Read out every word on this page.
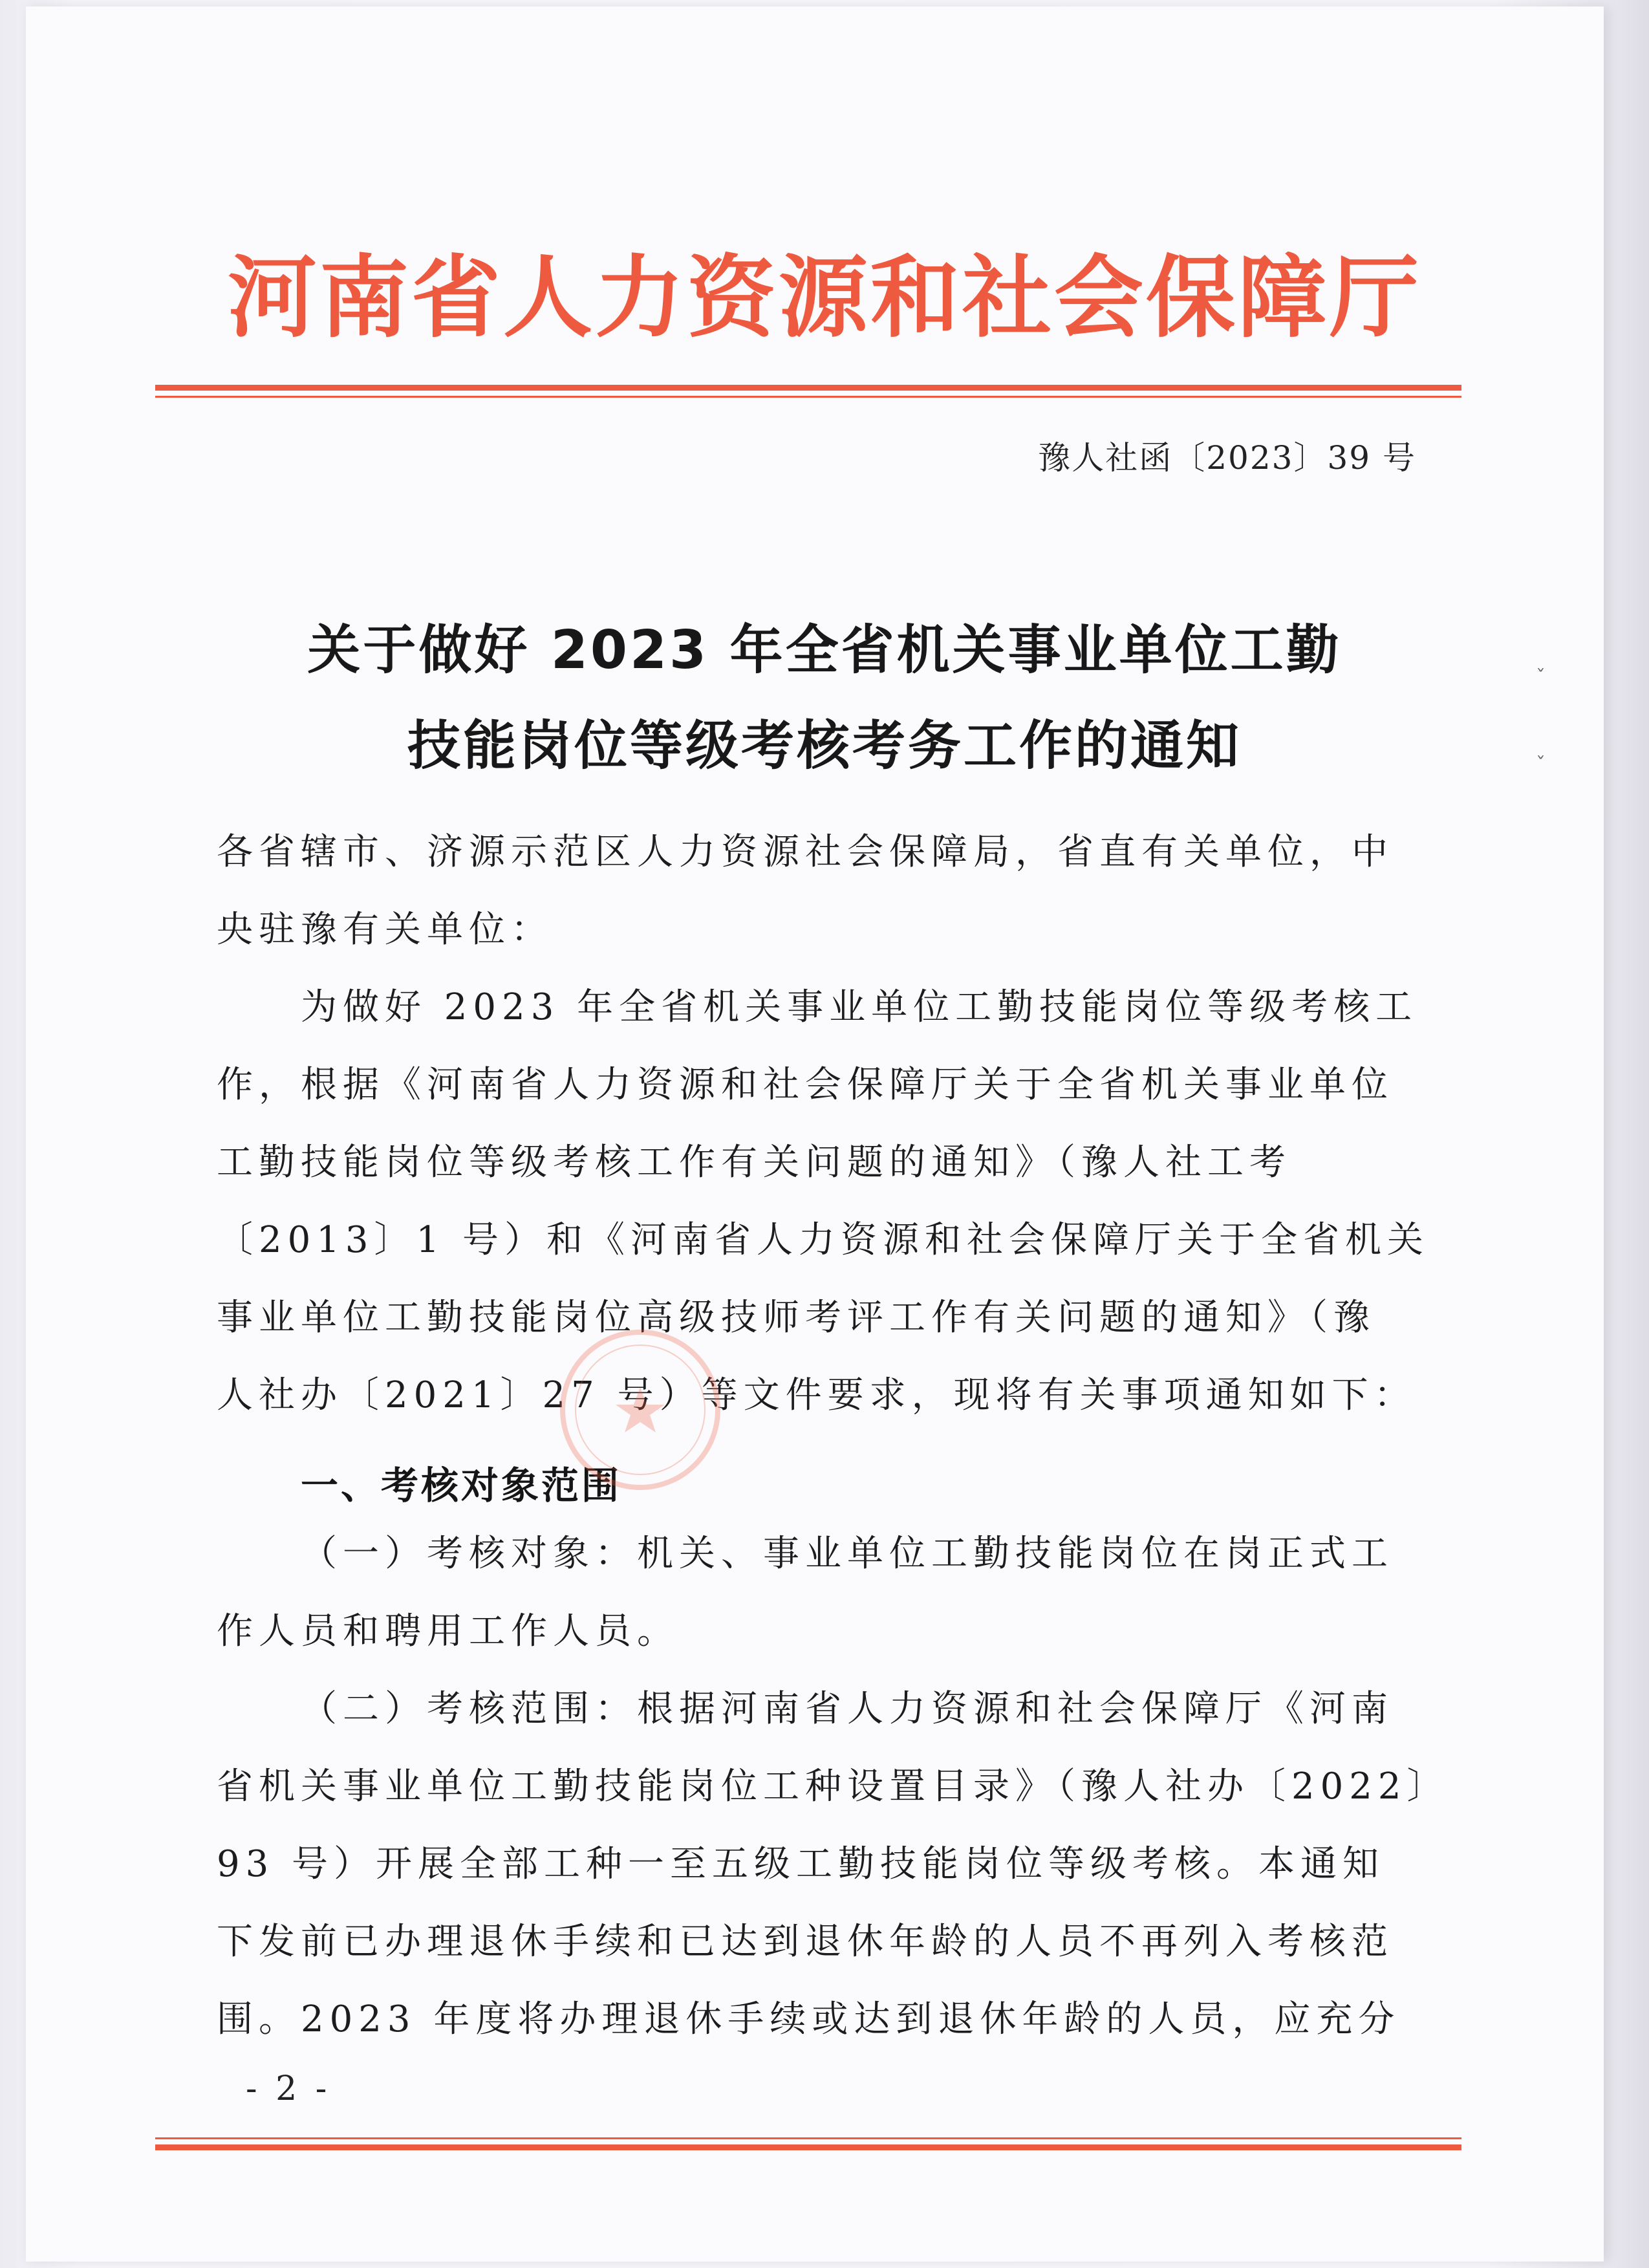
河南省人力资源和社会保障厅
豫人社函〔2023〕39 号
关于做好 2023 年全省机关事业单位工勤
技能岗位等级考核考务工作的通知
各省辖市、济源示范区人力资源社会保障局，省直有关单位，中
央驻豫有关单位：
为做好 2023 年全省机关事业单位工勤技能岗位等级考核工
作，根据《河南省人力资源和社会保障厅关于全省机关事业单位
工勤技能岗位等级考核工作有关问题的通知》（豫人社工考
〔2013〕1 号）和《河南省人力资源和社会保障厅关于全省机关
事业单位工勤技能岗位高级技师考评工作有关问题的通知》（豫
人社办〔2021〕27 号）等文件要求，现将有关事项通知如下：
一、考核对象范围
（一）考核对象：机关、事业单位工勤技能岗位在岗正式工
作人员和聘用工作人员。
（二）考核范围：根据河南省人力资源和社会保障厅《河南
省机关事业单位工勤技能岗位工种设置目录》（豫人社办〔2022〕
93 号）开展全部工种一至五级工勤技能岗位等级考核。本通知
下发前已办理退休手续和已达到退休年龄的人员不再列入考核范
围。2023 年度将办理退休手续或达到退休年龄的人员，应充分
- 2 -
ˇ
ˇ
